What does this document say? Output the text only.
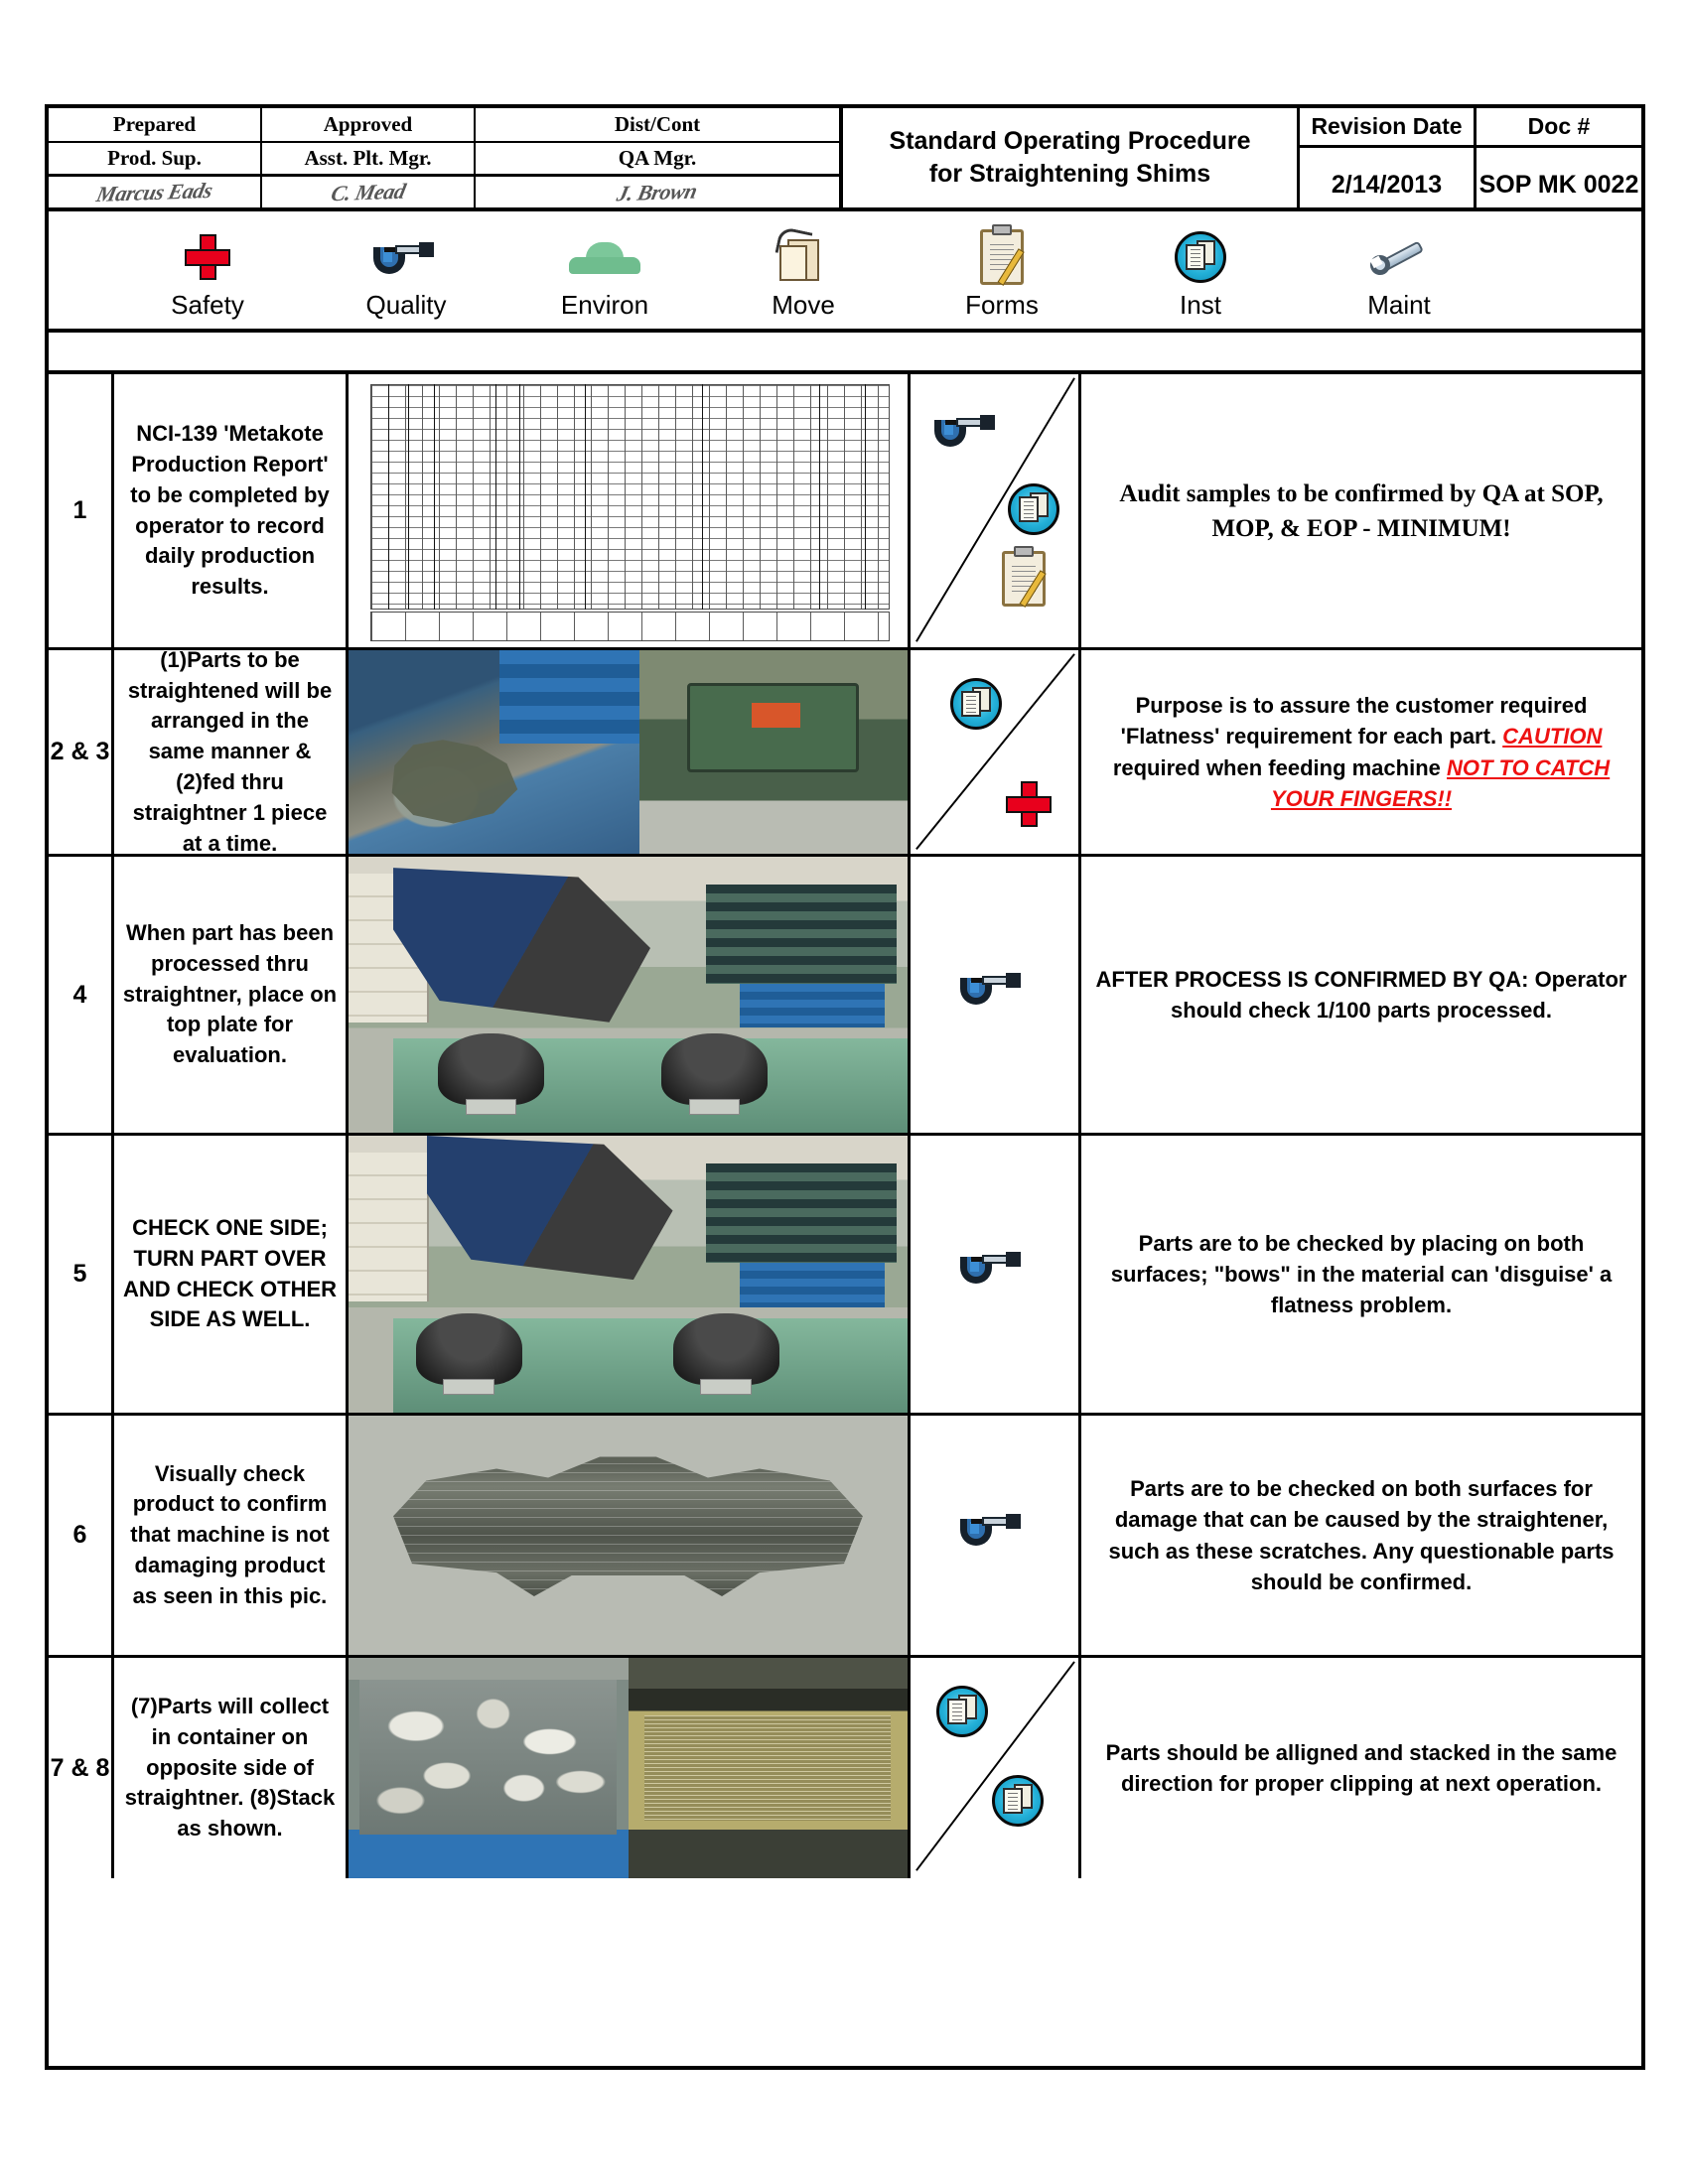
Prepared	Approved	Dist/Cont
Prod. Sup.	Asst. Plt. Mgr.	QA Mgr.
Marcus Eads	C. Mead	J. Brown
Standard Operating Procedure
for Straightening Shims
Revision Date	Doc #
2/14/2013	SOP MK 0022
Safety	Quality	Environ	Move	Forms	Inst	Maint
1
NCI-139 'Metakote Production Report' to be completed by operator to record daily production results.
Audit samples to be confirmed by QA at SOP, MOP, & EOP - MINIMUM!
2 & 3
(1)Parts to be straightened will be arranged in the same manner & (2)fed thru straightner 1 piece at a time.
Purpose is to assure the customer required 'Flatness' requirement for each part. CAUTION required when feeding machine NOT TO CATCH YOUR FINGERS!!
4
When part has been processed thru straightner, place on top plate for evaluation.
AFTER PROCESS IS CONFIRMED BY QA: Operator should check 1/100 parts processed.
5
CHECK ONE SIDE; TURN PART OVER AND CHECK OTHER SIDE AS WELL.
Parts are to be checked by placing on both surfaces; "bows" in the material can 'disguise' a flatness problem.
6
Visually check product to confirm that machine is not damaging product as seen in this pic.
Parts are to be checked on both surfaces for damage that can be caused by the straightener, such as these scratches. Any questionable parts should be confirmed.
7 & 8
(7)Parts will collect in container on opposite side of straightner. (8)Stack as shown.
Parts should be alligned and stacked in the same direction for proper clipping at next operation.
